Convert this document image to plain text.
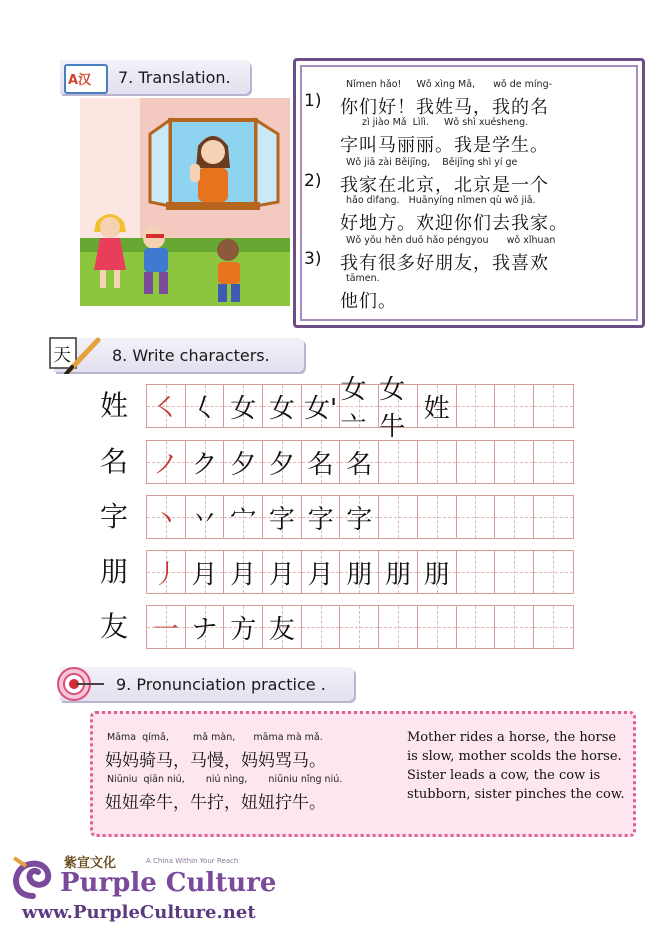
A汉 7. Translation.
1)
Nǐmen hǎo!     Wǒ xìng Mǎ,      wǒ de míng-
你们好！我姓马，我的名
zì jiào Mǎ  Lìlì.     Wǒ shì xuésheng.
字叫马丽丽。我是学生。
2)
Wǒ jiā zài Běijīng,    Běijīng shì yí ge
我家在北京，北京是一个
hǎo dìfang.   Huānyíng nǐmen qù wǒ jiā.
好地方。欢迎你们去我家。
3)
Wǒ yǒu hěn duō hǎo péngyou      wǒ xǐhuan
我有很多好朋友，我喜欢
tāmen.
他们。
天	8. Write characters.
姓 ㇛ 𡿨 女 女 女'
女亠
女牛
姓
名 ノ ク 夕 夕 名 名
字 丶 丷 宀 字 字 字
朋 丿 月 月 月 月 朋 朋 朋
友 一 ナ 方 友
9. Pronunciation practice .
Māma  qímǎ,        mǎ màn,      māma mà mǎ.
妈妈骑马，马慢，妈妈骂马。
Niūniu  qiān niú,       niú nìng,       niūniu nǐng niú.
妞妞牵牛，牛拧，妞妞拧牛。
Mother rides a horse, the horse is slow, mother scolds the horse. Sister leads a cow, the cow is stubborn, sister pinches the cow.
紫宣文化	A China Within Your Reach
Purple Culture
www.PurpleCulture.net
